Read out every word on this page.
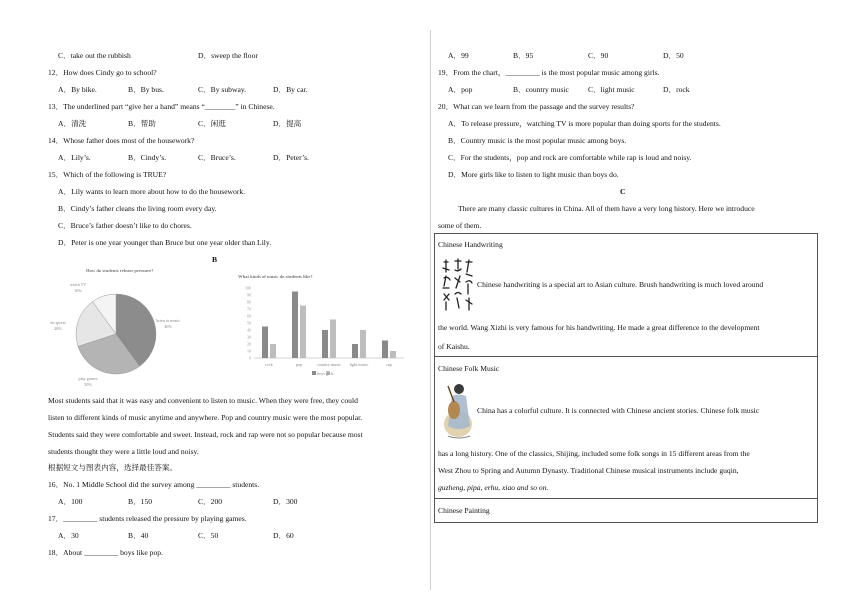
C．take out the rubbish	D．sweep the floor
12．How does Cindy go to school?
A．By bike.	B．By bus.	C．By subway.	D．By car.
13．The underlined part “give her a hand” means “________” in Chinese.
A．清洗	B．帮助	C．闲逛	D．提高
14．Whose father does most of the housework?
A．Lily’s.	B．Cindy’s.	C．Bruce’s.	D．Peter’s.
15．Which of the following is TRUE?
A．Lily wants to learn more about how to do the housework.
B．Cindy’s father cleans the living room every day.
C．Bruce’s father doesn’t like to do chores.
D．Peter is one year younger than Bruce but one year older than Lily.
B
How do students release pressure?
listen to music
40%
play games
30%
do sports
20%
watch TV
10%
What kinds of music do students like?
0
10
20
30
40
50
60
70
80
90
100
rock	pop	country music light music	rap
boys girls
Most students said that it was easy and convenient to listen to music. When they were free, they could
listen to different kinds of music anytime and anywhere. Pop and country music were the most popular.
Students said they were comfortable and sweet. Instead, rock and rap were not so popular because most
students thought they were a little loud and noisy.
根据短文与图表内容，选择最佳答案。
16．No. 1 Middle School did the survey among _________ students.
A．100	B．150	C．200	D．300
17．_________ students released the pressure by playing games.
A．30	B．40	C．50	D．60
18．About _________ boys like pop.
A．99	B．95	C．90	D．50
19．From the chart，_________ is the most popular music among girls.
A．pop	B．country music	C．light music	D．rock
20．What can we learn from the passage and the survey results?
A．To release pressure，watching TV is more popular than doing sports for the students.
B．Country music is the most popular music among boys.
C．For the students，pop and rock are comfortable while rap is loud and noisy.
D．More girls like to listen to light music than boys do.
C
There are many classic cultures in China. All of them have a very long history. Here we introduce
some of them.
Chinese Handwriting
Chinese handwriting is a special art to Asian culture. Brush handwriting is much loved around
the world. Wang Xizhi is very famous for his handwriting. He made a great difference to the development
of Kaishu.
Chinese Folk Music
China has a colorful culture. It is connected with Chinese ancient stories. Chinese folk music
has a long history. One of the classics, Shijing, included some folk songs in 15 different areas from the
West Zhou to Spring and Autumn Dynasty. Traditional Chinese musical instruments include guqin,
guzheng, pipa, erhu, xiao and so on.
Chinese Painting
